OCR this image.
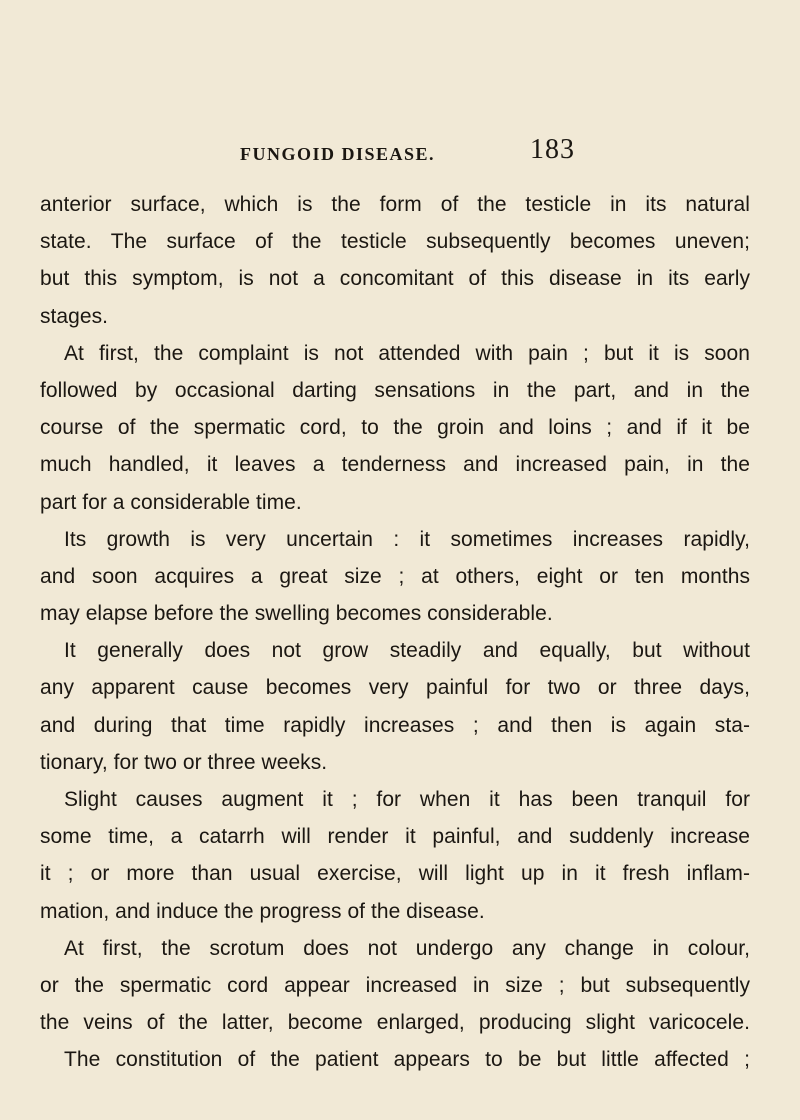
FUNGOID DISEASE.	183
anterior surface, which is the form of the testicle in its natural
state. The surface of the testicle subsequently becomes uneven;
but this symptom, is not a concomitant of this disease in its early
stages.
At first, the complaint is not attended with pain ; but it is soon
followed by occasional darting sensations in the part, and in the
course of the spermatic cord, to the groin and loins ; and if it be
much handled, it leaves a tenderness and increased pain, in the
part for a considerable time.
Its growth is very uncertain : it sometimes increases rapidly,
and soon acquires a great size ; at others, eight or ten months
may elapse before the swelling becomes considerable.
It generally does not grow steadily and equally, but without
any apparent cause becomes very painful for two or three days,
and during that time rapidly increases ; and then is again sta-
tionary, for two or three weeks.
Slight causes augment it ; for when it has been tranquil for
some time, a catarrh will render it painful, and suddenly increase
it ; or more than usual exercise, will light up in it fresh inflam-
mation, and induce the progress of the disease.
At first, the scrotum does not undergo any change in colour,
or the spermatic cord appear increased in size ; but subsequently
the veins of the latter, become enlarged, producing slight varicocele.
The constitution of the patient appears to be but little affected ;
